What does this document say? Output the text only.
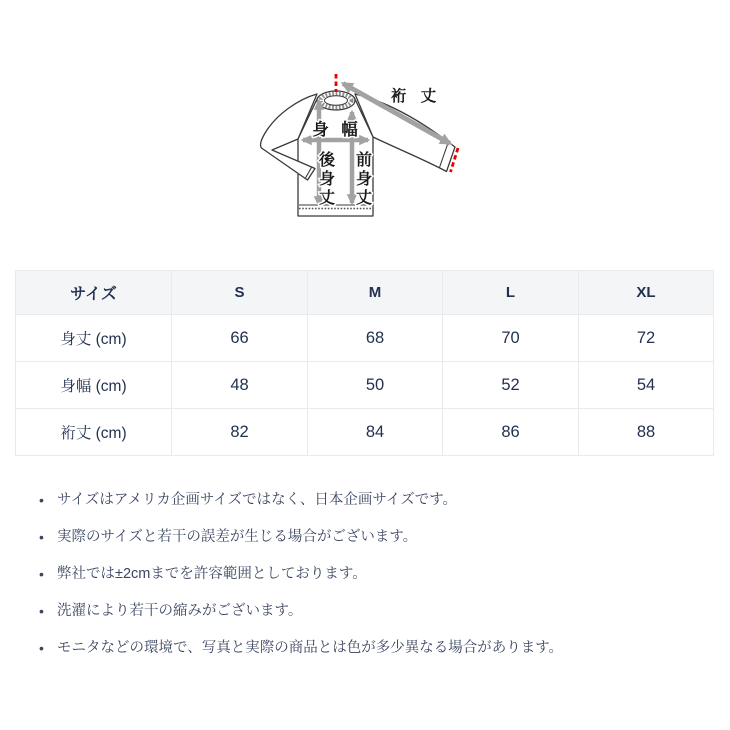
裄 丈
身 幅
後
身
丈
前
身
丈
サイズ	S	M	L	XL
身丈 (cm)	66	68	70	72
身幅 (cm)	48	50	52	54
裄丈 (cm)	82	84	86	88
• サイズはアメリカ企画サイズではなく、日本企画サイズです。
• 実際のサイズと若干の誤差が生じる場合がございます。
• 弊社では±2cmまでを許容範囲としております。
• 洗濯により若干の縮みがございます。
• モニタなどの環境で、写真と実際の商品とは色が多少異なる場合があります。
